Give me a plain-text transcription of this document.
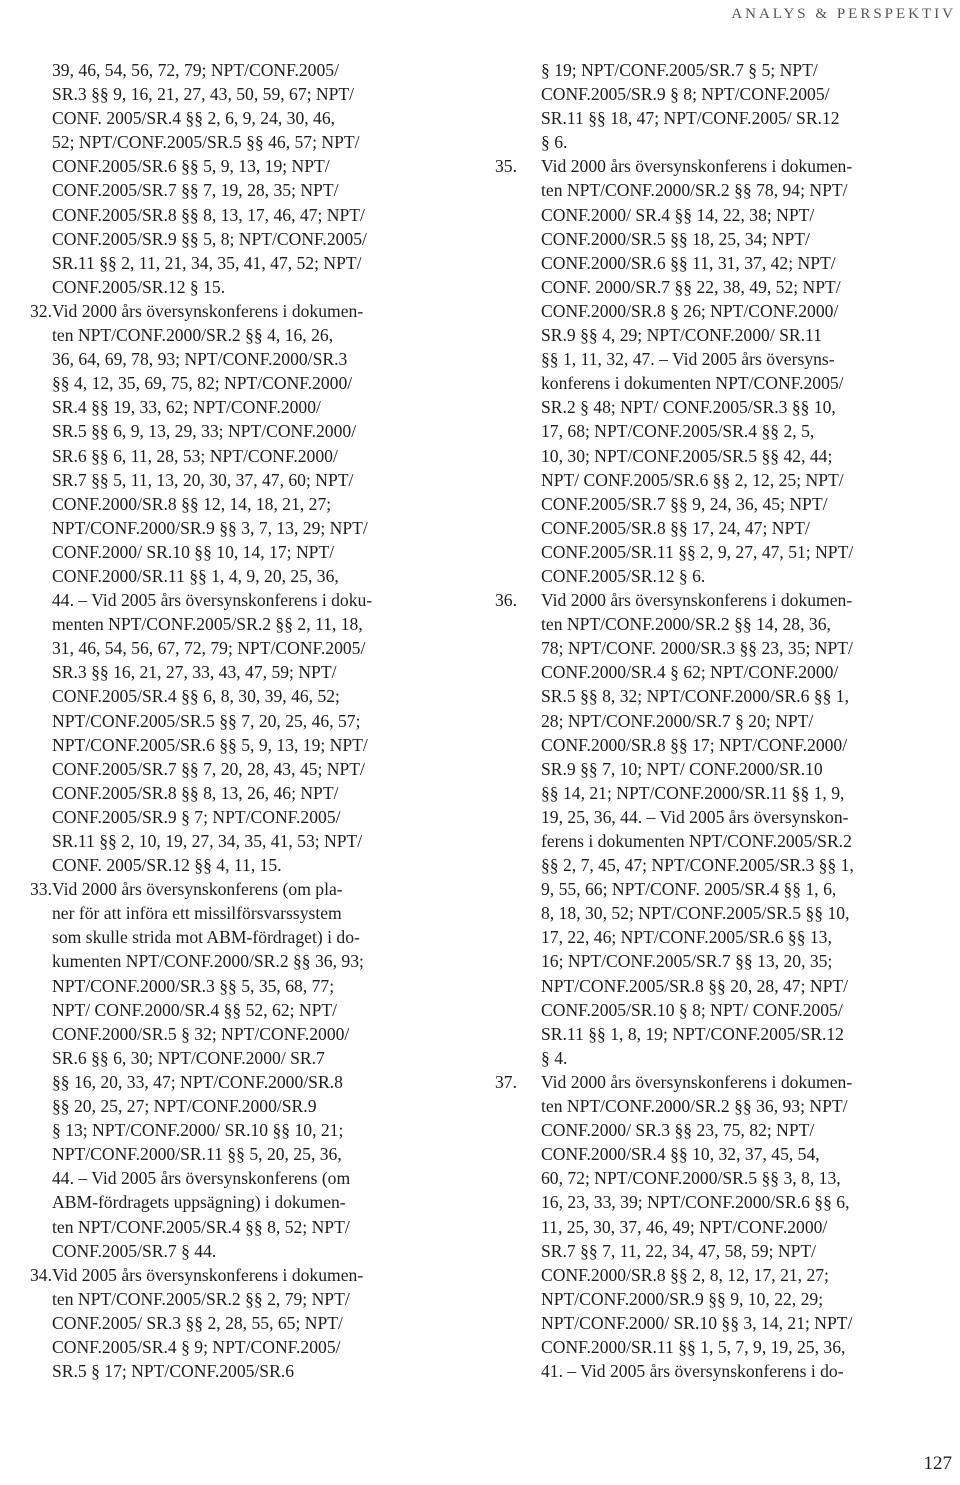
ANALYS & PERSPEKTIV
39, 46, 54, 56, 72, 79; NPT/CONF.2005/
SR.3 §§ 9, 16, 21, 27, 43, 50, 59, 67; NPT/
CONF. 2005/SR.4 §§ 2, 6, 9, 24, 30, 46,
52; NPT/CONF.2005/SR.5 §§ 46, 57; NPT/
CONF.2005/SR.6 §§ 5, 9, 13, 19; NPT/
CONF.2005/SR.7 §§ 7, 19, 28, 35; NPT/
CONF.2005/SR.8 §§ 8, 13, 17, 46, 47; NPT/
CONF.2005/SR.9 §§ 5, 8; NPT/CONF.2005/
SR.11 §§ 2, 11, 21, 34, 35, 41, 47, 52; NPT/
CONF.2005/SR.12 § 15.
32. Vid 2000 års översynskonferens i dokumen-
ten NPT/CONF.2000/SR.2 §§ 4, 16, 26,
36, 64, 69, 78, 93; NPT/CONF.2000/SR.3
§§ 4, 12, 35, 69, 75, 82; NPT/CONF.2000/
SR.4 §§ 19, 33, 62; NPT/CONF.2000/
SR.5 §§ 6, 9, 13, 29, 33; NPT/CONF.2000/
SR.6 §§ 6, 11, 28, 53; NPT/CONF.2000/
SR.7 §§ 5, 11, 13, 20, 30, 37, 47, 60; NPT/
CONF.2000/SR.8 §§ 12, 14, 18, 21, 27;
NPT/CONF.2000/SR.9 §§ 3, 7, 13, 29; NPT/
CONF.2000/ SR.10 §§ 10, 14, 17; NPT/
CONF.2000/SR.11 §§ 1, 4, 9, 20, 25, 36,
44. – Vid 2005 års översynskonferens i doku-
menten NPT/CONF.2005/SR.2 §§ 2, 11, 18,
31, 46, 54, 56, 67, 72, 79; NPT/CONF.2005/
SR.3 §§ 16, 21, 27, 33, 43, 47, 59; NPT/
CONF.2005/SR.4 §§ 6, 8, 30, 39, 46, 52;
NPT/CONF.2005/SR.5 §§ 7, 20, 25, 46, 57;
NPT/CONF.2005/SR.6 §§ 5, 9, 13, 19; NPT/
CONF.2005/SR.7 §§ 7, 20, 28, 43, 45; NPT/
CONF.2005/SR.8 §§ 8, 13, 26, 46; NPT/
CONF.2005/SR.9 § 7; NPT/CONF.2005/
SR.11 §§ 2, 10, 19, 27, 34, 35, 41, 53; NPT/
CONF. 2005/SR.12 §§ 4, 11, 15.
33. Vid 2000 års översynskonferens (om pla-
ner för att införa ett missilförsvarssystem
som skulle strida mot ABM-fördraget) i do-
kumenten NPT/CONF.2000/SR.2 §§ 36, 93;
NPT/CONF.2000/SR.3 §§ 5, 35, 68, 77;
NPT/ CONF.2000/SR.4 §§ 52, 62; NPT/
CONF.2000/SR.5 § 32; NPT/CONF.2000/
SR.6 §§ 6, 30; NPT/CONF.2000/ SR.7
§§ 16, 20, 33, 47; NPT/CONF.2000/SR.8
§§ 20, 25, 27; NPT/CONF.2000/SR.9
§ 13; NPT/CONF.2000/ SR.10 §§ 10, 21;
NPT/CONF.2000/SR.11 §§ 5, 20, 25, 36,
44. – Vid 2005 års översynskonferens (om
ABM-fördragets uppsägning) i dokumen-
ten NPT/CONF.2005/SR.4 §§ 8, 52; NPT/
CONF.2005/SR.7 § 44.
34. Vid 2005 års översynskonferens i dokumen-
ten NPT/CONF.2005/SR.2 §§ 2, 79; NPT/
CONF.2005/ SR.3 §§ 2, 28, 55, 65; NPT/
CONF.2005/SR.4 § 9; NPT/CONF.2005/
SR.5 § 17; NPT/CONF.2005/SR.6
§ 19; NPT/CONF.2005/SR.7 § 5; NPT/
CONF.2005/SR.9 § 8; NPT/CONF.2005/
SR.11 §§ 18, 47; NPT/CONF.2005/ SR.12
§ 6.
35.	Vid 2000 års översynskonferens i dokumen-
ten NPT/CONF.2000/SR.2 §§ 78, 94; NPT/
CONF.2000/ SR.4 §§ 14, 22, 38; NPT/
CONF.2000/SR.5 §§ 18, 25, 34; NPT/
CONF.2000/SR.6 §§ 11, 31, 37, 42; NPT/
CONF. 2000/SR.7 §§ 22, 38, 49, 52; NPT/
CONF.2000/SR.8 § 26; NPT/CONF.2000/
SR.9 §§ 4, 29; NPT/CONF.2000/ SR.11
§§ 1, 11, 32, 47. – Vid 2005 års översyns-
konferens i dokumenten NPT/CONF.2005/
SR.2 § 48; NPT/ CONF.2005/SR.3 §§ 10,
17, 68; NPT/CONF.2005/SR.4 §§ 2, 5,
10, 30; NPT/CONF.2005/SR.5 §§ 42, 44;
NPT/ CONF.2005/SR.6 §§ 2, 12, 25; NPT/
CONF.2005/SR.7 §§ 9, 24, 36, 45; NPT/
CONF.2005/SR.8 §§ 17, 24, 47; NPT/
CONF.2005/SR.11 §§ 2, 9, 27, 47, 51; NPT/
CONF.2005/SR.12 § 6.
36.	Vid 2000 års översynskonferens i dokumen-
ten NPT/CONF.2000/SR.2 §§ 14, 28, 36,
78; NPT/CONF. 2000/SR.3 §§ 23, 35; NPT/
CONF.2000/SR.4 § 62; NPT/CONF.2000/
SR.5 §§ 8, 32; NPT/CONF.2000/SR.6 §§ 1,
28; NPT/CONF.2000/SR.7 § 20; NPT/
CONF.2000/SR.8 §§ 17; NPT/CONF.2000/
SR.9 §§ 7, 10; NPT/ CONF.2000/SR.10
§§ 14, 21; NPT/CONF.2000/SR.11 §§ 1, 9,
19, 25, 36, 44. – Vid 2005 års översynskon-
ferens i dokumenten NPT/CONF.2005/SR.2
§§ 2, 7, 45, 47; NPT/CONF.2005/SR.3 §§ 1,
9, 55, 66; NPT/CONF. 2005/SR.4 §§ 1, 6,
8, 18, 30, 52; NPT/CONF.2005/SR.5 §§ 10,
17, 22, 46; NPT/CONF.2005/SR.6 §§ 13,
16; NPT/CONF.2005/SR.7 §§ 13, 20, 35;
NPT/CONF.2005/SR.8 §§ 20, 28, 47; NPT/
CONF.2005/SR.10 § 8; NPT/ CONF.2005/
SR.11 §§ 1, 8, 19; NPT/CONF.2005/SR.12
§ 4.
37.	Vid 2000 års översynskonferens i dokumen-
ten NPT/CONF.2000/SR.2 §§ 36, 93; NPT/
CONF.2000/ SR.3 §§ 23, 75, 82; NPT/
CONF.2000/SR.4 §§ 10, 32, 37, 45, 54,
60, 72; NPT/CONF.2000/SR.5 §§ 3, 8, 13,
16, 23, 33, 39; NPT/CONF.2000/SR.6 §§ 6,
11, 25, 30, 37, 46, 49; NPT/CONF.2000/
SR.7 §§ 7, 11, 22, 34, 47, 58, 59; NPT/
CONF.2000/SR.8 §§ 2, 8, 12, 17, 21, 27;
NPT/CONF.2000/SR.9 §§ 9, 10, 22, 29;
NPT/CONF.2000/ SR.10 §§ 3, 14, 21; NPT/
CONF.2000/SR.11 §§ 1, 5, 7, 9, 19, 25, 36,
41. – Vid 2005 års översynskonferens i do-
127
